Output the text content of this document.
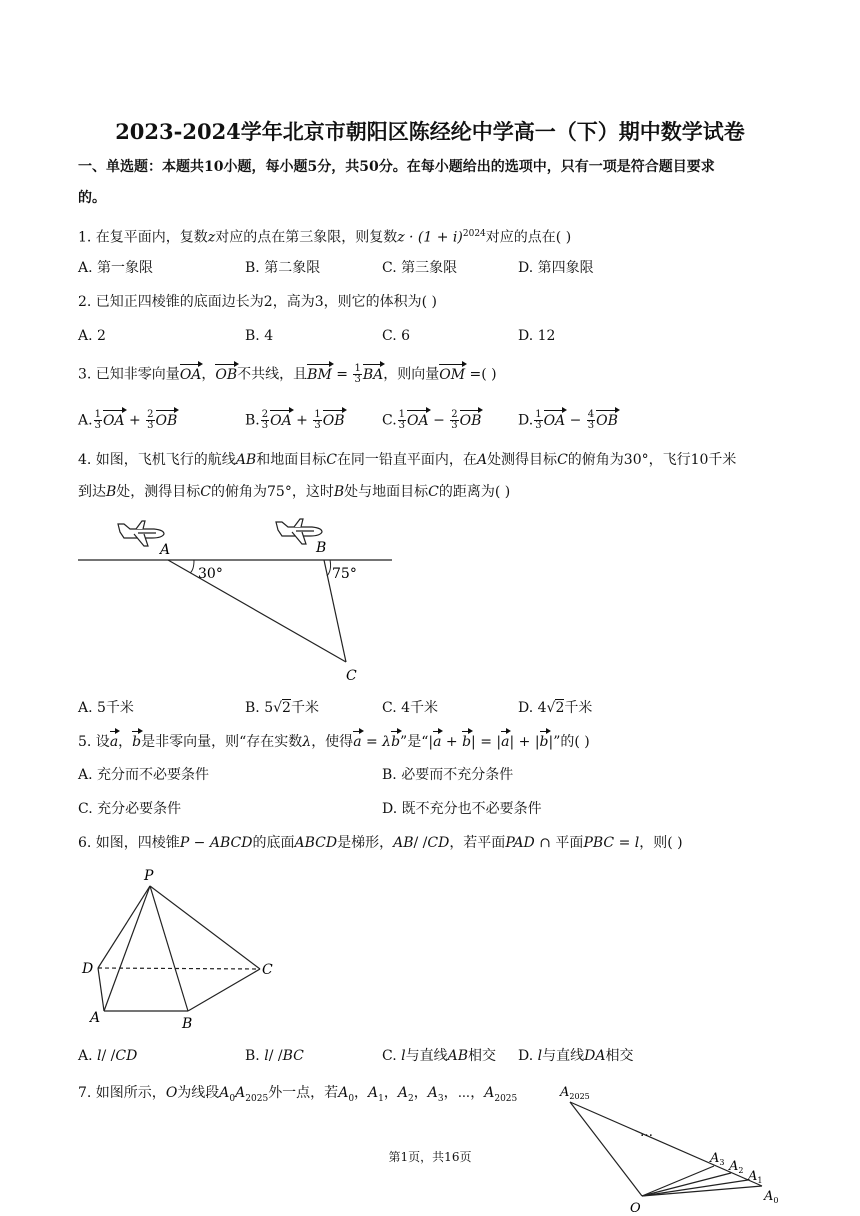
2023-2024学年北京市朝阳区陈经纶中学高一（下）期中数学试卷
一、单选题：本题共10小题，每小题5分，共50分。在每小题给出的选项中，只有一项是符合题目要求
的。
1. 在复平面内，复数z对应的点在第三象限，则复数$z \cdot (1 + i)^{2024}$对应的点在( )
A. 第一象限	B. 第二象限	C. 第三象限	D. 第四象限
2. 已知正四棱锥的底面边长为2，高为3，则它的体积为( )
A. 2	B. 4	C. 6	D. 12
3. 已知非零向量OA，OB不共线，且BM = $\frac{1}{3}$ BA，则向量OM =( )
A. $\frac{1}{3}$ OA + $\frac{2}{3}$ OB	B. $\frac{2}{3}$ OA + $\frac{1}{3}$ OB	C. $\frac{1}{3}$ OA − $\frac{2}{3}$ OB	D. $\frac{1}{3}$ OA − $\frac{4}{3}$ OB
4. 如图，飞机飞行的航线AB和地面目标C在同一铅直平面内，在A处测得目标C的俯角为30°，飞行10千米
到达B处，测得目标C的俯角为75°，这时B处与地面目标C的距离为( )
A	B
C
30°	75°
A. 5千米	B. 5√2千米	C. 4千米	D. 4√2千米
5. 设a，b是非零向量，则“存在实数λ，使得a = λb”是“|a + b| = |a| + |b|”的( )
A. 充分而不必要条件	B. 必要而不充分条件
C. 充分必要条件	D. 既不充分也不必要条件
6. 如图，四棱锥P − ABCD的底面ABCD是梯形，AB/ /CD，若平面PAD ∩ 平面PBC = l，则( )
P
D	C
A	B
A. l/ /CD	B. l/ /BC	C. l与直线AB相交 D. l与直线DA相交
7. 如图所示，O为线段$A_0A_{2025}$外一点，若$A_0$，$A_1$，$A_2$，$A_3$，⋯，$A_{2025}$	$A_{2025}$
…
$A_3$ $A_2$ $A_1$
$A_0$
O
第1页，共16页
